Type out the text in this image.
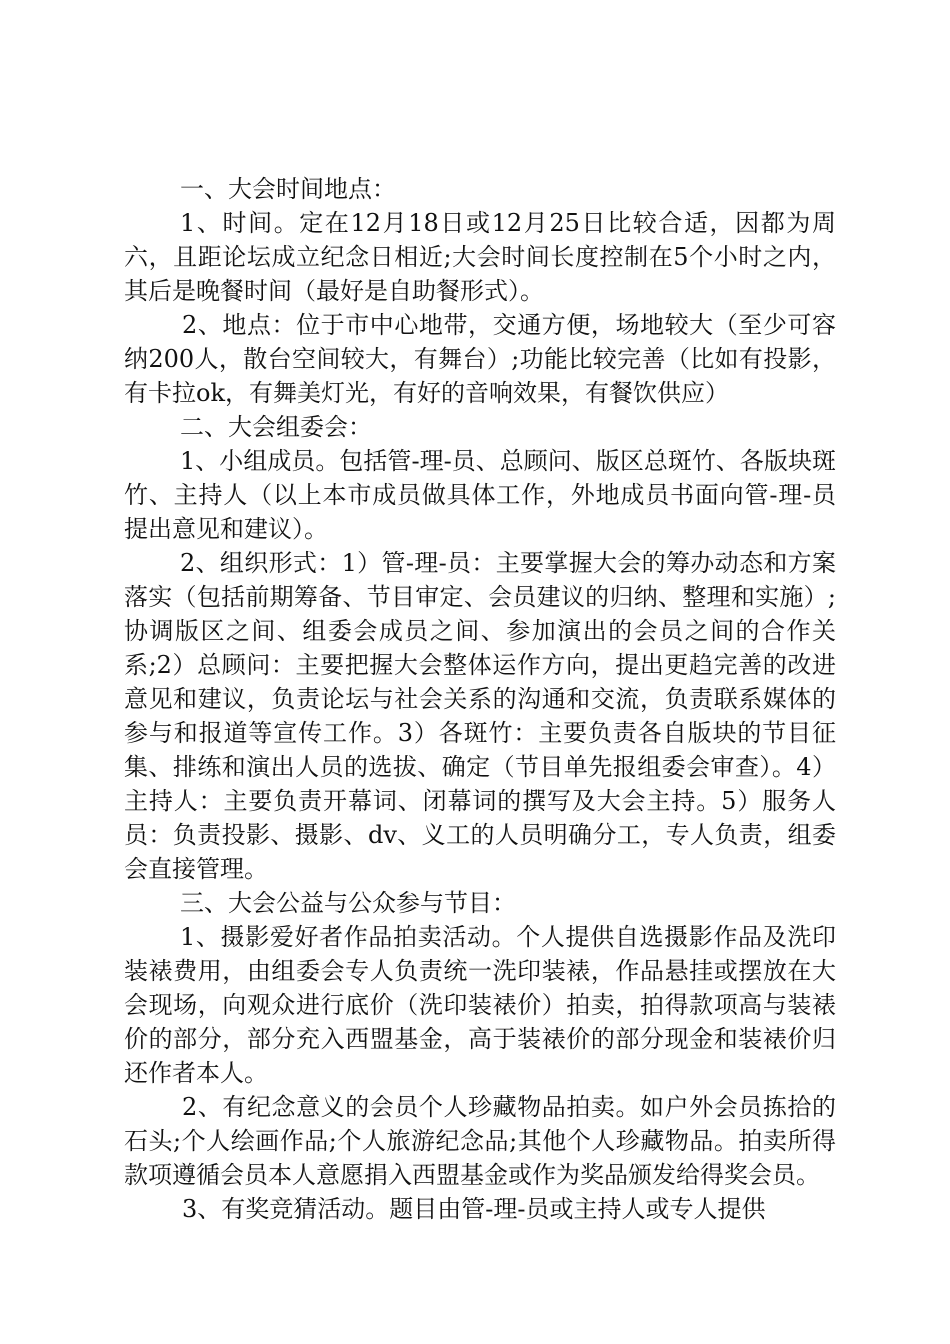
一、大会时间地点：

1、时间。定在12月18日或12月25日比较合适，因都为周六，且距论坛成立纪念日相近;大会时间长度控制在5个小时之内，其后是晚餐时间（最好是自助餐形式）。

2、地点：位于市中心地带，交通方便，场地较大（至少可容纳200人，散台空间较大，有舞台）;功能比较完善（比如有投影，有卡拉ok，有舞美灯光，有好的音响效果，有餐饮供应）

二、大会组委会：

1、小组成员。包括管-理-员、总顾问、版区总斑竹、各版块斑竹、主持人（以上本市成员做具体工作，外地成员书面向管-理-员提出意见和建议）。

2、组织形式：1）管-理-员：主要掌握大会的筹办动态和方案落实（包括前期筹备、节目审定、会员建议的归纳、整理和实施）;协调版区之间、组委会成员之间、参加演出的会员之间的合作关系;2）总顾问：主要把握大会整体运作方向，提出更趋完善的改进意见和建议，负责论坛与社会关系的沟通和交流，负责联系媒体的参与和报道等宣传工作。3）各斑竹：主要负责各自版块的节目征集、排练和演出人员的选拔、确定（节目单先报组委会审查）。4）主持人：主要负责开幕词、闭幕词的撰写及大会主持。5）服务人员：负责投影、摄影、dv、义工的人员明确分工，专人负责，组委会直接管理。

三、大会公益与公众参与节目：

1、摄影爱好者作品拍卖活动。个人提供自选摄影作品及洗印装裱费用，由组委会专人负责统一洗印装裱，作品悬挂或摆放在大会现场，向观众进行底价（洗印装裱价）拍卖，拍得款项高与装裱价的部分，部分充入西盟基金，高于装裱价的部分现金和装裱价归还作者本人。

2、有纪念意义的会员个人珍藏物品拍卖。如户外会员拣拾的石头;个人绘画作品;个人旅游纪念品;其他个人珍藏物品。拍卖所得款项遵循会员本人意愿捐入西盟基金或作为奖品颁发给得奖会员。

3、有奖竞猜活动。题目由管-理-员或主持人或专人提供
